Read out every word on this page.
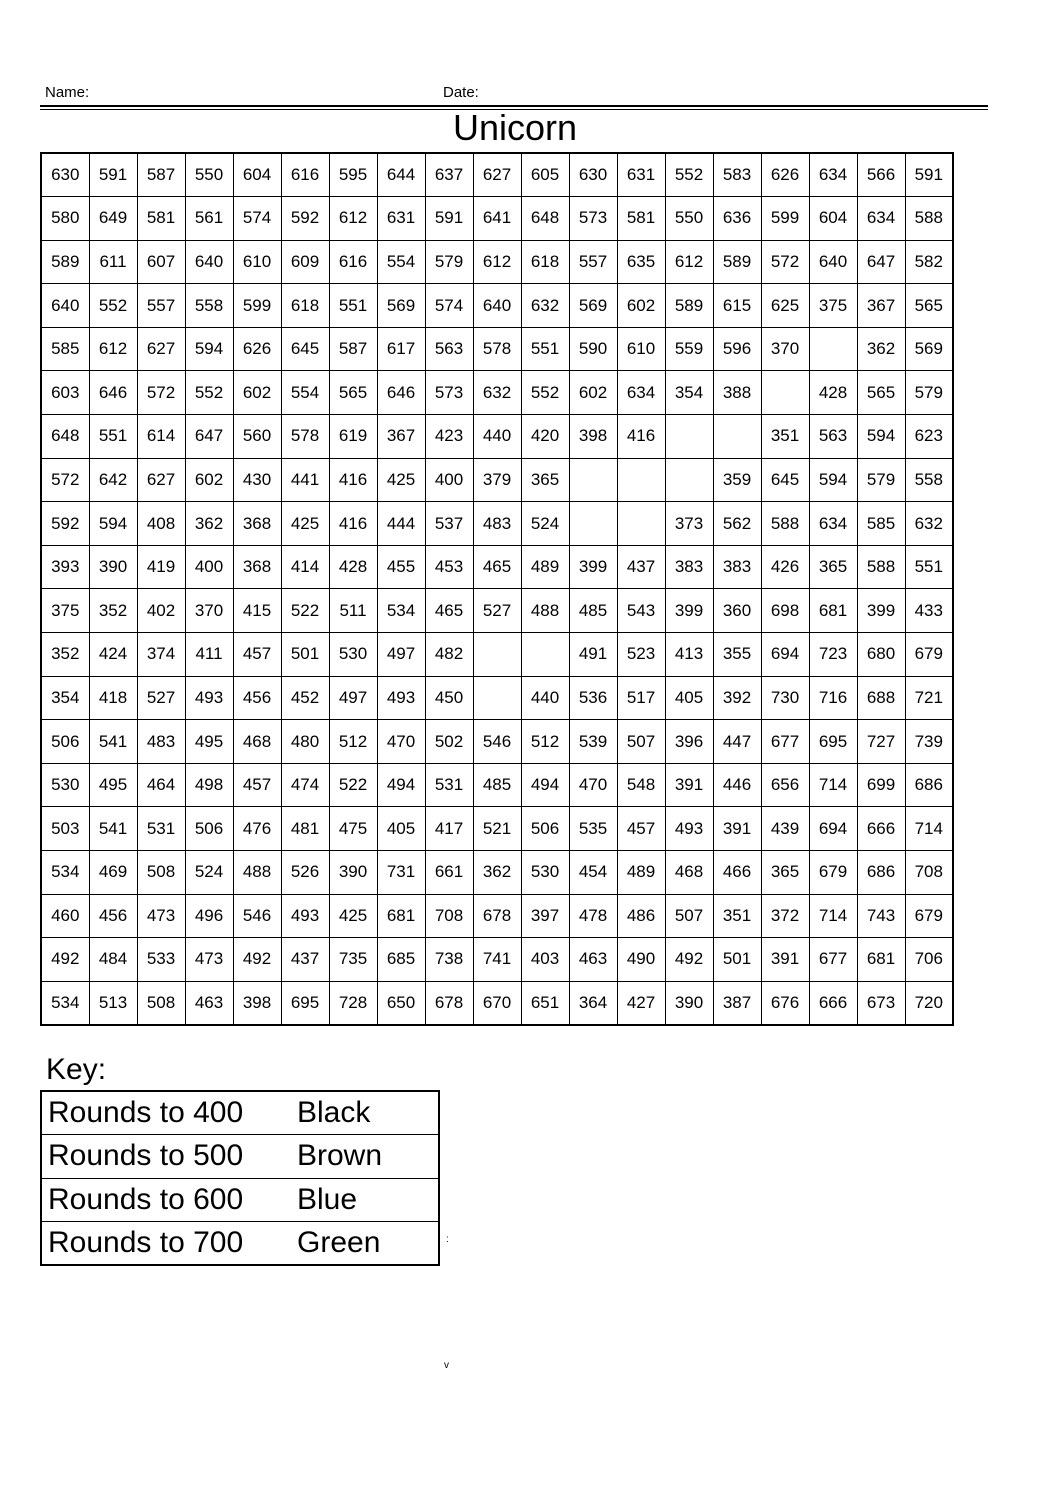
Name:	Date:
Unicorn
630	591	587	550	604	616	595	644	637	627	605	630	631	552	583	626	634	566	591
580	649	581	561	574	592	612	631	591	641	648	573	581	550	636	599	604	634	588
589	611	607	640	610	609	616	554	579	612	618	557	635	612	589	572	640	647	582
640	552	557	558	599	618	551	569	574	640	632	569	602	589	615	625	375	367	565
585	612	627	594	626	645	587	617	563	578	551	590	610	559	596	370		362	569
603	646	572	552	602	554	565	646	573	632	552	602	634	354	388		428	565	579
648	551	614	647	560	578	619	367	423	440	420	398	416			351	563	594	623
572	642	627	602	430	441	416	425	400	379	365				359	645	594	579	558
592	594	408	362	368	425	416	444	537	483	524			373	562	588	634	585	632
393	390	419	400	368	414	428	455	453	465	489	399	437	383	383	426	365	588	551
375	352	402	370	415	522	511	534	465	527	488	485	543	399	360	698	681	399	433
352	424	374	411	457	501	530	497	482			491	523	413	355	694	723	680	679
354	418	527	493	456	452	497	493	450		440	536	517	405	392	730	716	688	721
506	541	483	495	468	480	512	470	502	546	512	539	507	396	447	677	695	727	739
530	495	464	498	457	474	522	494	531	485	494	470	548	391	446	656	714	699	686
503	541	531	506	476	481	475	405	417	521	506	535	457	493	391	439	694	666	714
534	469	508	524	488	526	390	731	661	362	530	454	489	468	466	365	679	686	708
460	456	473	496	546	493	425	681	708	678	397	478	486	507	351	372	714	743	679
492	484	533	473	492	437	735	685	738	741	403	463	490	492	501	391	677	681	706
534	513	508	463	398	695	728	650	678	670	651	364	427	390	387	676	666	673	720
Key:
Rounds to 400	Black
Rounds to 500	Brown
Rounds to 600	Blue
Rounds to 700	Green	:
v
